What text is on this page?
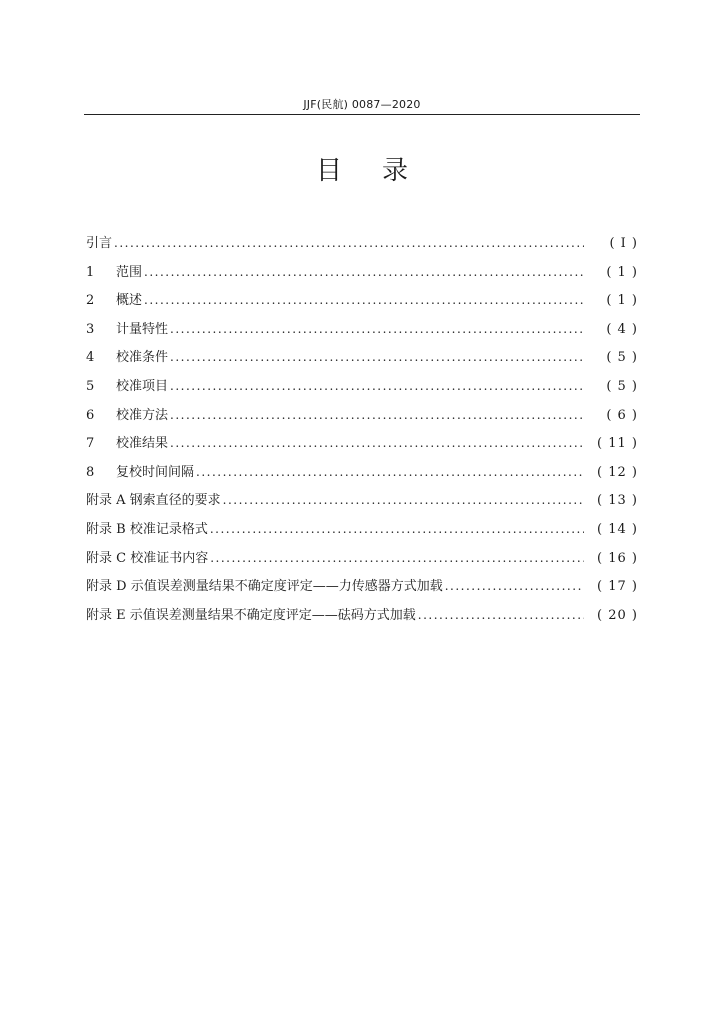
JJF(民航) 0087—2020
目录
引言 .....	( I )
1	范围 .....	( 1 )
2	概述 .....	( 1 )
3	计量特性 .....	( 4 )
4	校准条件 .....	( 5 )
5	校准项目 .....	( 5 )
6	校准方法 .....	( 6 )
7	校准结果 .....	( 11 )
8	复校时间间隔 .....	( 12 )
附录 A 钢索直径的要求 .....	( 13 )
附录 B 校准记录格式 .....	( 14 )
附录 C 校准证书内容 .....	( 16 )
附录 D 示值误差测量结果不确定度评定——力传感器方式加载 .....	( 17 )
附录 E 示值误差测量结果不确定度评定——砝码方式加载 .....	( 20 )
